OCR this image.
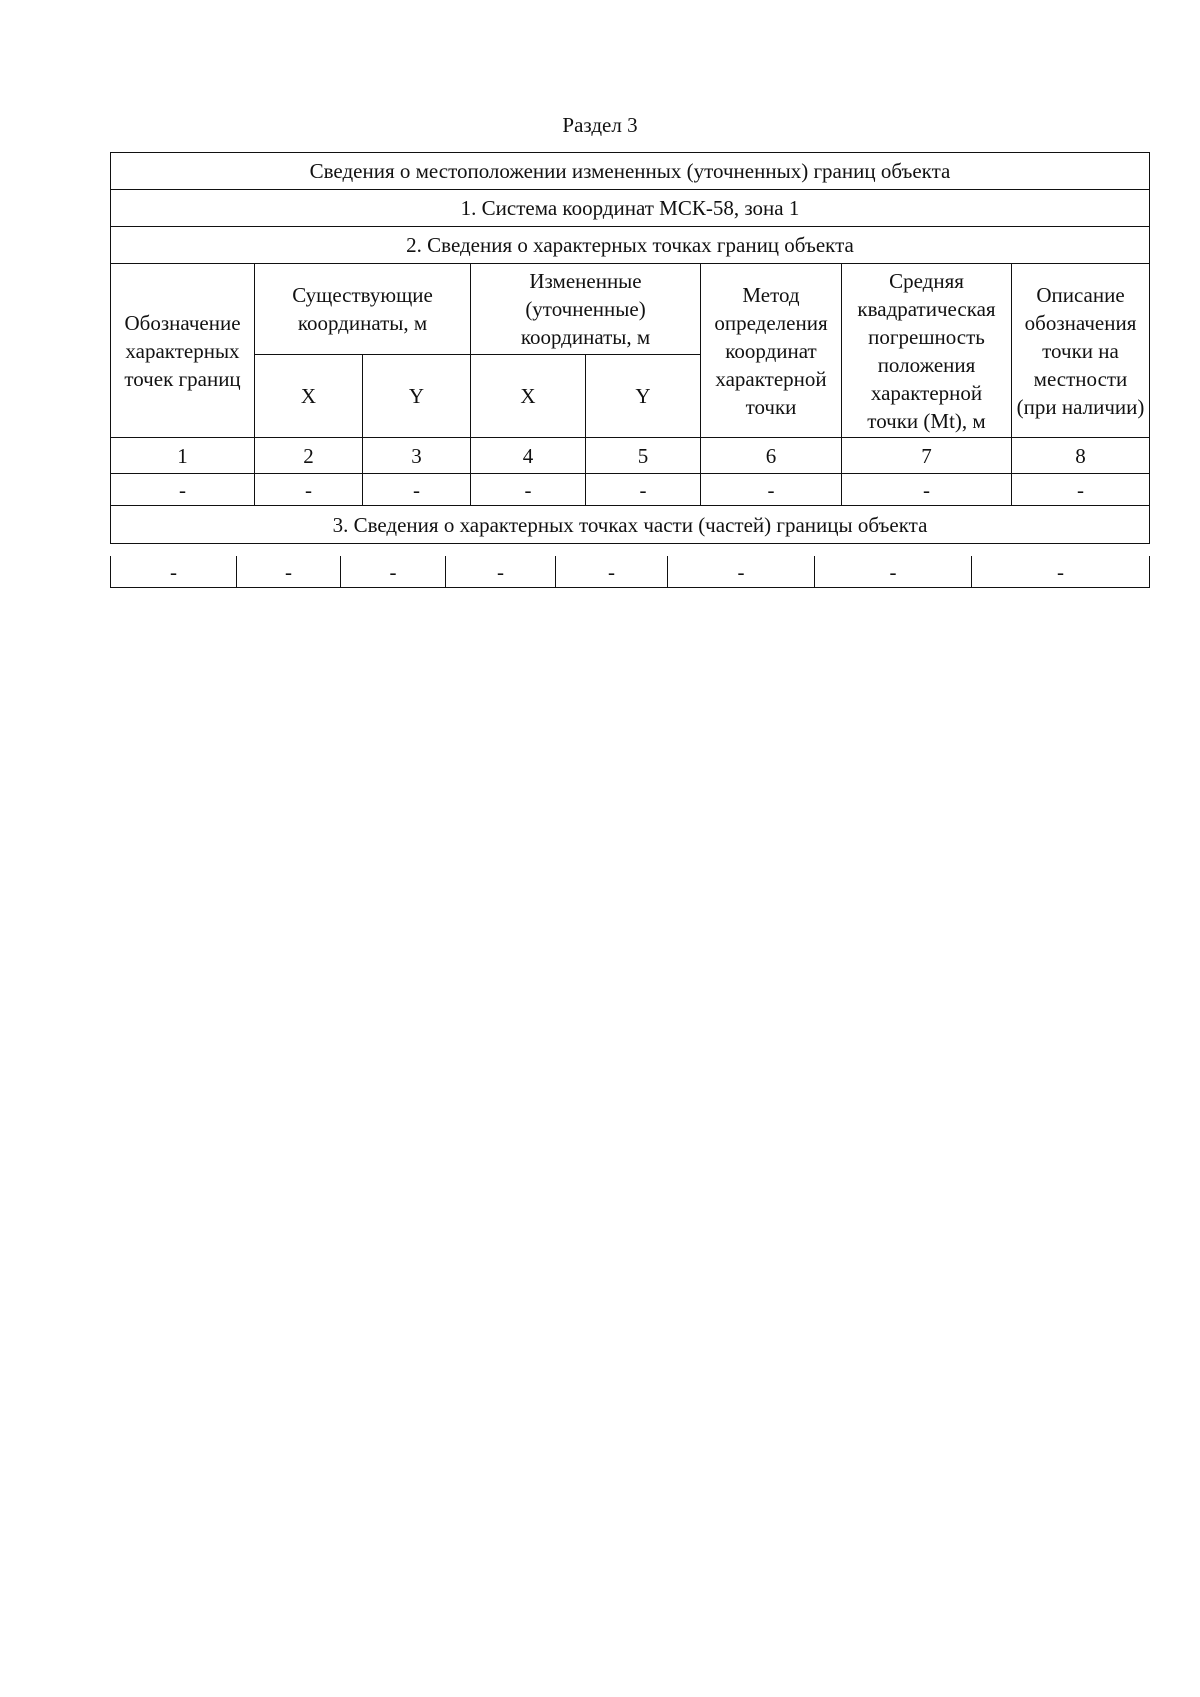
Раздел 3
Сведения о местоположении измененных (уточненных) границ объекта							
1. Система координат МСК-58, зона 1							
2. Сведения о характерных точках границ объекта							
Обозначение характерных точек границ	Существующие координаты, м		Измененные (уточненные) координаты, м		Метод определения координат характерной точки	Средняя квадратическая погрешность положения характерной точки (Mt), м	Описание обозначения точки на местности (при наличии)
	X	Y	X	Y			
1	2	3	4	5	6	7	8
-	-	-	-	-	-	-	-
3. Сведения о характерных точках части (частей) границы объекта							
-	-	-	-	-	-	-	-
